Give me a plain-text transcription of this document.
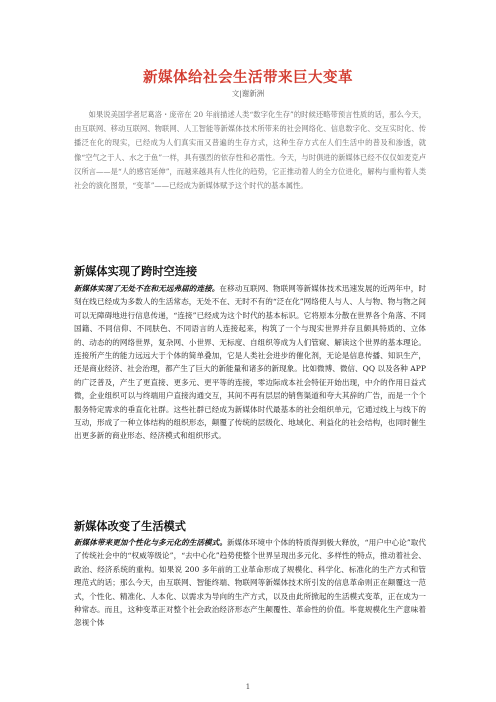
新媒体给社会生活带来巨大变革

文|谢新洲

如果说美国学者尼葛洛・庞帝在 20 年前描述人类“数字化生存”的时候还略带预言性质的话，那么今天，由互联网、移动互联网、物联网、人工智能等新媒体技术所带来的社会网络化、信息数字化、交互实时化、传播泛在化的现实，已经成为人们真实而又普遍的生存方式，这种生存方式在人们生活中的普及和渗透，就像“空气之于人、水之于鱼”一样，具有强烈的依存性和必需性。今天，与时俱进的新媒体已经不仅仅如麦克卢汉所言——是“人的感官延伸”，而越来越具有人性化的趋势，它正推动着人的全方位进化，解构与重构着人类社会的演化图景，“变革”——已经成为新媒体赋予这个时代的基本属性。

新媒体实现了跨时空连接

新媒体实现了无处不在和无远弗届的连接。在移动互联网、物联网等新媒体技术迅速发展的近两年中，时刻在线已经成为多数人的生活常态，无处不在、无时不有的“泛在化”网络使人与人、人与物、物与物之间可以无障碍地进行信息传递，“连接”已经成为这个时代的基本标识。它将原本分散在世界各个角落、不同国籍、不同信仰、不同肤色、不同语言的人连接起来，构筑了一个与现实世界并存且颇具特质的、立体的、动态的的网络世界，复杂网、小世界、无标度、自组织等成为人们管窥、解读这个世界的基本理论。连接所产生的能力远远大于个体的简单叠加，它是人类社会进步的催化剂，无论是信息传播、知识生产，还是商业经济、社会治理，都产生了巨大的新能量和诸多的新现象。比如微博、微信、QQ 以及各种 APP 的广泛普及，产生了更直接、更多元、更平等的连接，零边际成本社会特征开始出现，中介的作用日益式微，企业组织可以与终端用户直接沟通交互，其间不再有层层的销售渠道和夸大其辞的广告，而是一个个服务特定需求的垂直化社群。这些社群已经成为新媒体时代最基本的社会组织单元，它通过线上与线下的互动，形成了一种立体结构的组织形态，颠覆了传统的层级化、地域化、利益化的社会结构，也同时催生出更多新的商业形态、经济模式和组织形式。

新媒体改变了生活模式

新媒体带来更加个性化与多元化的生活模式。新媒体环境中个体的特质得到极大释放，“用户中心论”取代了传统社会中的“权威等级论”，“去中心化”趋势使整个世界呈现出多元化、多样性的特点，推动着社会、政治、经济系统的重构。如果说 200 多年前的工业革命形成了规模化、科学化、标准化的生产方式和管理范式的话；那么今天，由互联网、智能终端、物联网等新媒体技术所引发的信息革命则正在颠覆这一范式，个性化、精准化、人本化、以需求为导向的生产方式，以及由此所掀起的生活模式变革，正在成为一种常态。而且，这种变革正对整个社会政治经济形态产生颠覆性、革命性的价值。毕竟规模化生产意味着忽视个体

1
